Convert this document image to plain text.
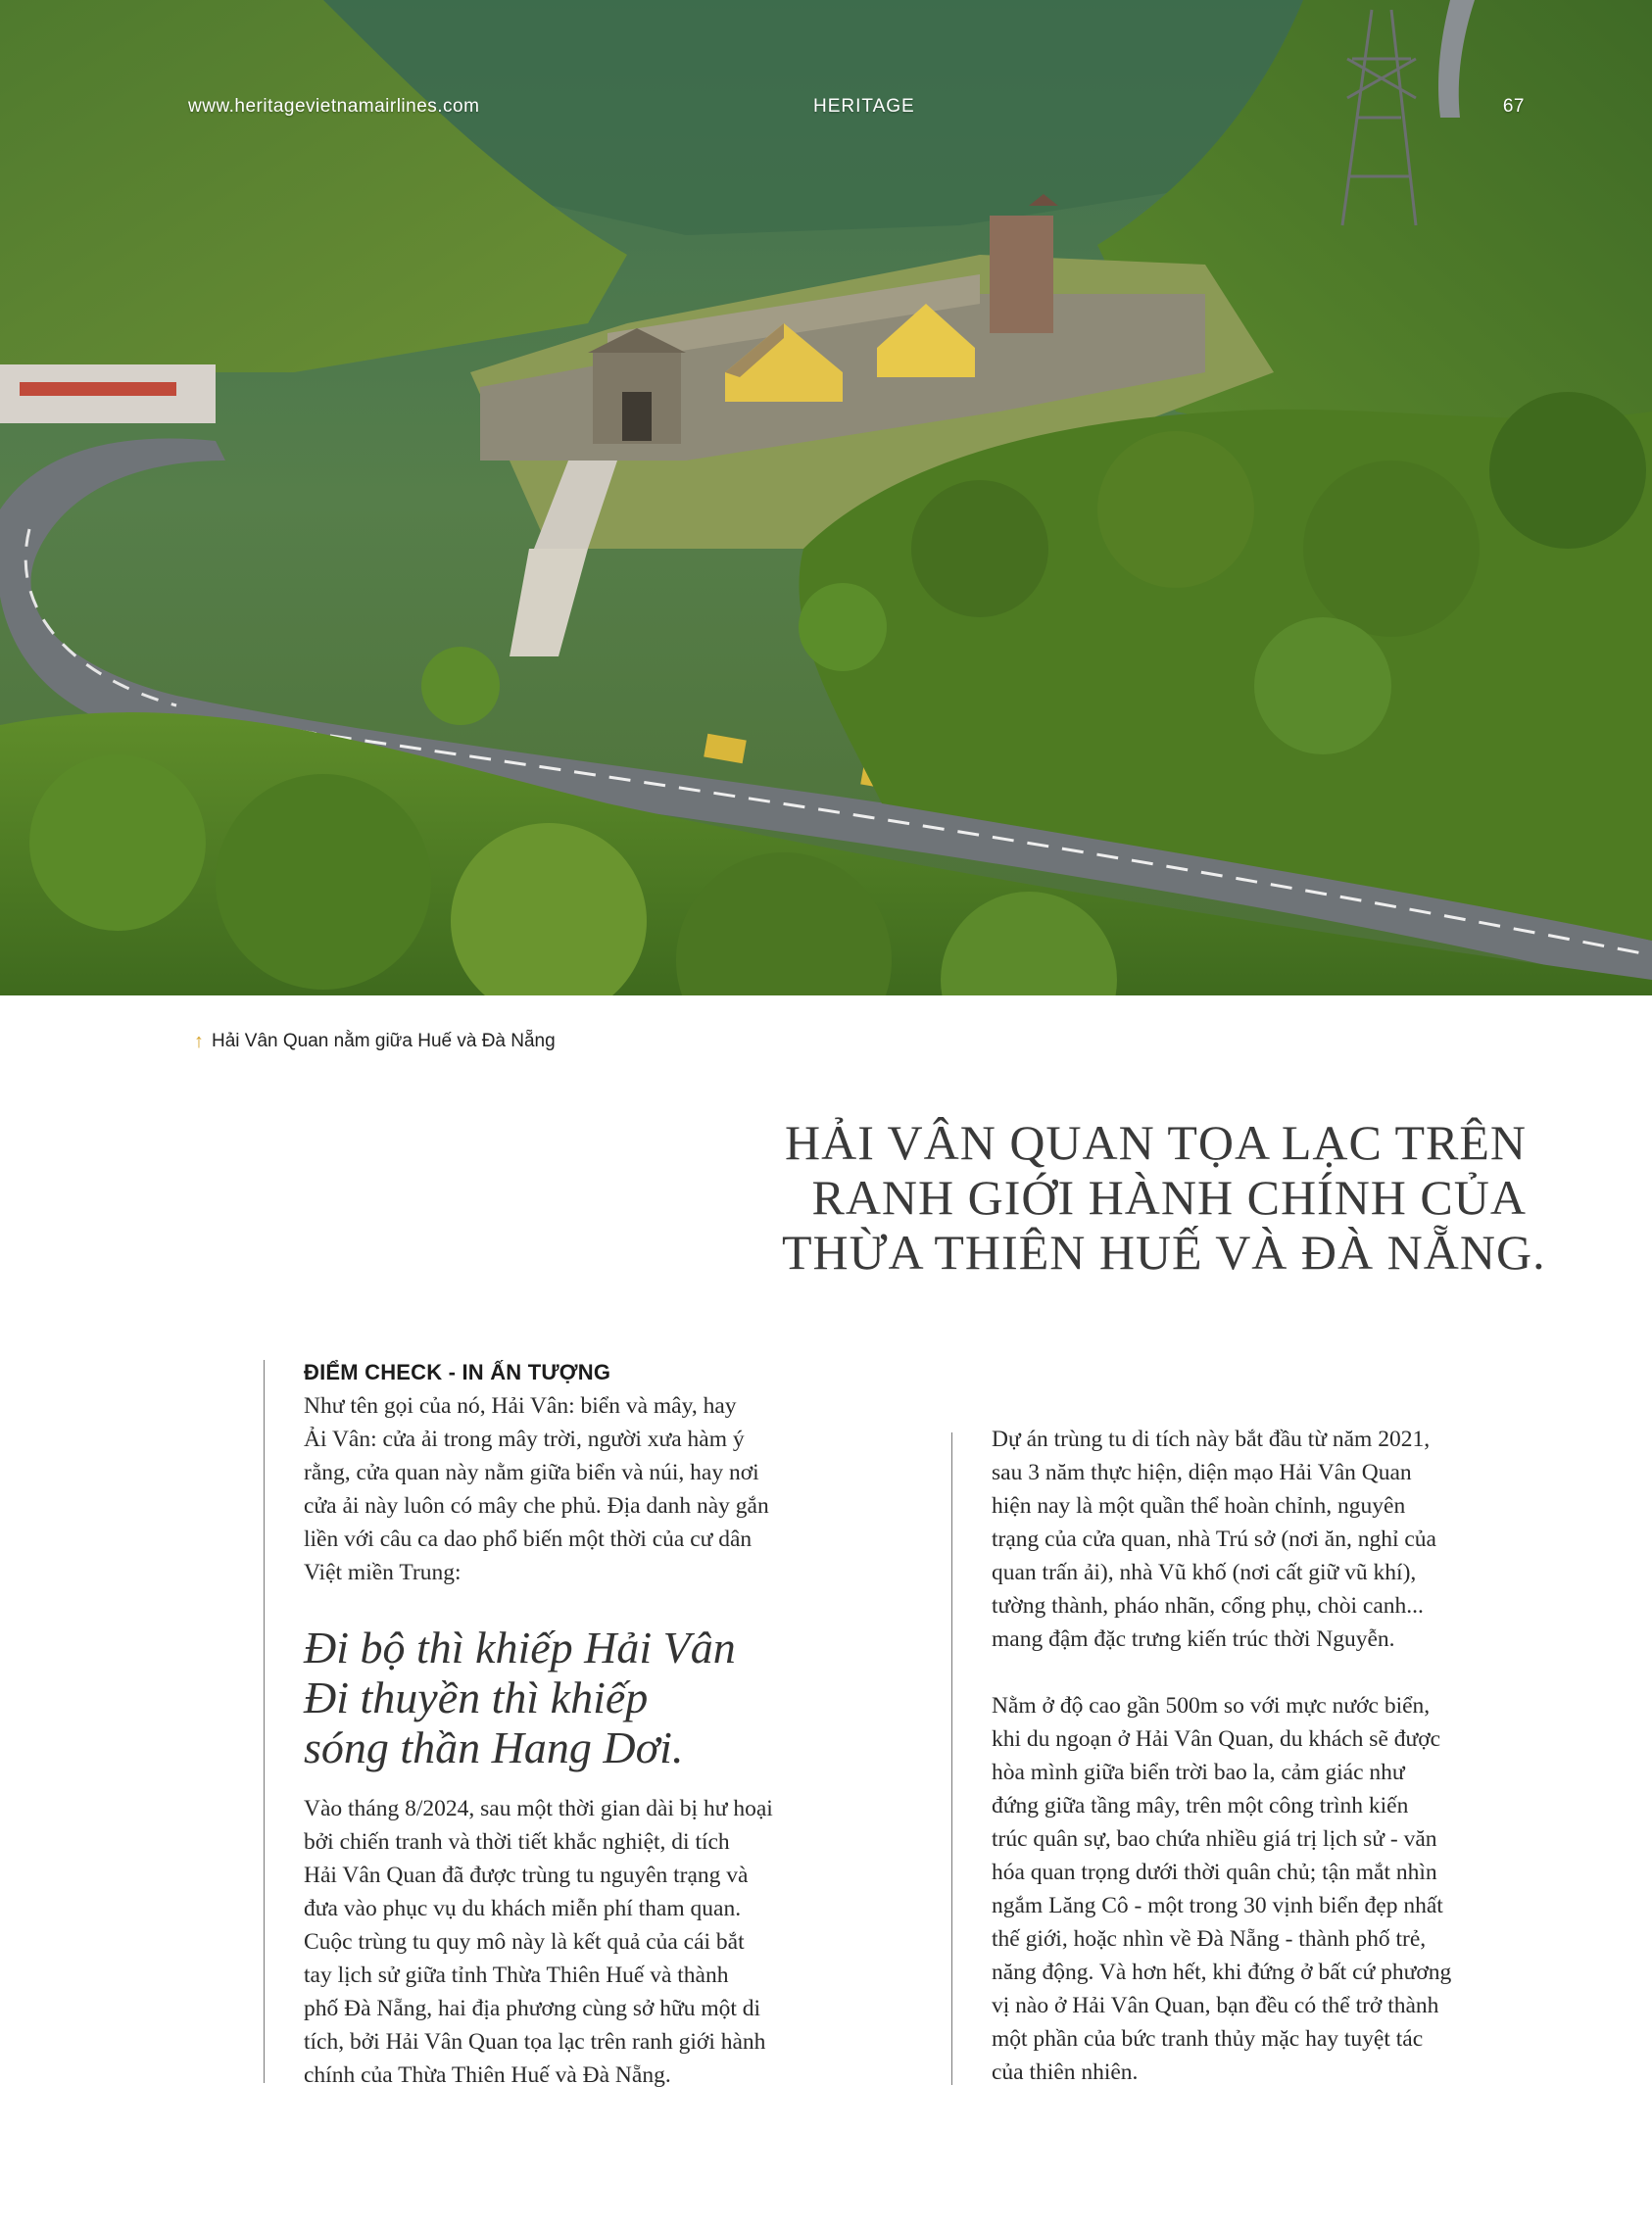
www.heritagevietnamairlines.com	HERITAGE	67
↑ Hải Vân Quan nằm giữa Huế và Đà Nẵng
HẢI VÂN QUAN TỌA LẠC TRÊN
RANH GIỚI HÀNH CHÍNH CỦA
THỪA THIÊN HUẾ VÀ ĐÀ NẴNG.
ĐIỂM CHECK - IN ẤN TƯỢNG

Như tên gọi của nó, Hải Vân: biển và mây, hay
Ải Vân: cửa ải trong mây trời, người xưa hàm ý
rằng, cửa quan này nằm giữa biển và núi, hay nơi
cửa ải này luôn có mây che phủ. Địa danh này gắn
liền với câu ca dao phổ biến một thời của cư dân
Việt miền Trung:

Đi bộ thì khiếp Hải Vân
Đi thuyền thì khiếp
sóng thần Hang Dơi.

Vào tháng 8/2024, sau một thời gian dài bị hư hoại
bởi chiến tranh và thời tiết khắc nghiệt, di tích
Hải Vân Quan đã được trùng tu nguyên trạng và
đưa vào phục vụ du khách miễn phí tham quan.
Cuộc trùng tu quy mô này là kết quả của cái bắt
tay lịch sử giữa tỉnh Thừa Thiên Huế và thành
phố Đà Nẵng, hai địa phương cùng sở hữu một di
tích, bởi Hải Vân Quan tọa lạc trên ranh giới hành
chính của Thừa Thiên Huế và Đà Nẵng.

Dự án trùng tu di tích này bắt đầu từ năm 2021,
sau 3 năm thực hiện, diện mạo Hải Vân Quan
hiện nay là một quần thể hoàn chỉnh, nguyên
trạng của cửa quan, nhà Trú sở (nơi ăn, nghỉ của
quan trấn ải), nhà Vũ khố (nơi cất giữ vũ khí),
tường thành, pháo nhãn, cổng phụ, chòi canh...
mang đậm đặc trưng kiến trúc thời Nguyễn.

Nằm ở độ cao gần 500m so với mực nước biển,
khi du ngoạn ở Hải Vân Quan, du khách sẽ được
hòa mình giữa biển trời bao la, cảm giác như
đứng giữa tầng mây, trên một công trình kiến
trúc quân sự, bao chứa nhiều giá trị lịch sử - văn
hóa quan trọng dưới thời quân chủ; tận mắt nhìn
ngắm Lăng Cô - một trong 30 vịnh biển đẹp nhất
thế giới, hoặc nhìn về Đà Nẵng - thành phố trẻ,
năng động. Và hơn hết, khi đứng ở bất cứ phương
vị nào ở Hải Vân Quan, bạn đều có thể trở thành
một phần của bức tranh thủy mặc hay tuyệt tác
của thiên nhiên.
